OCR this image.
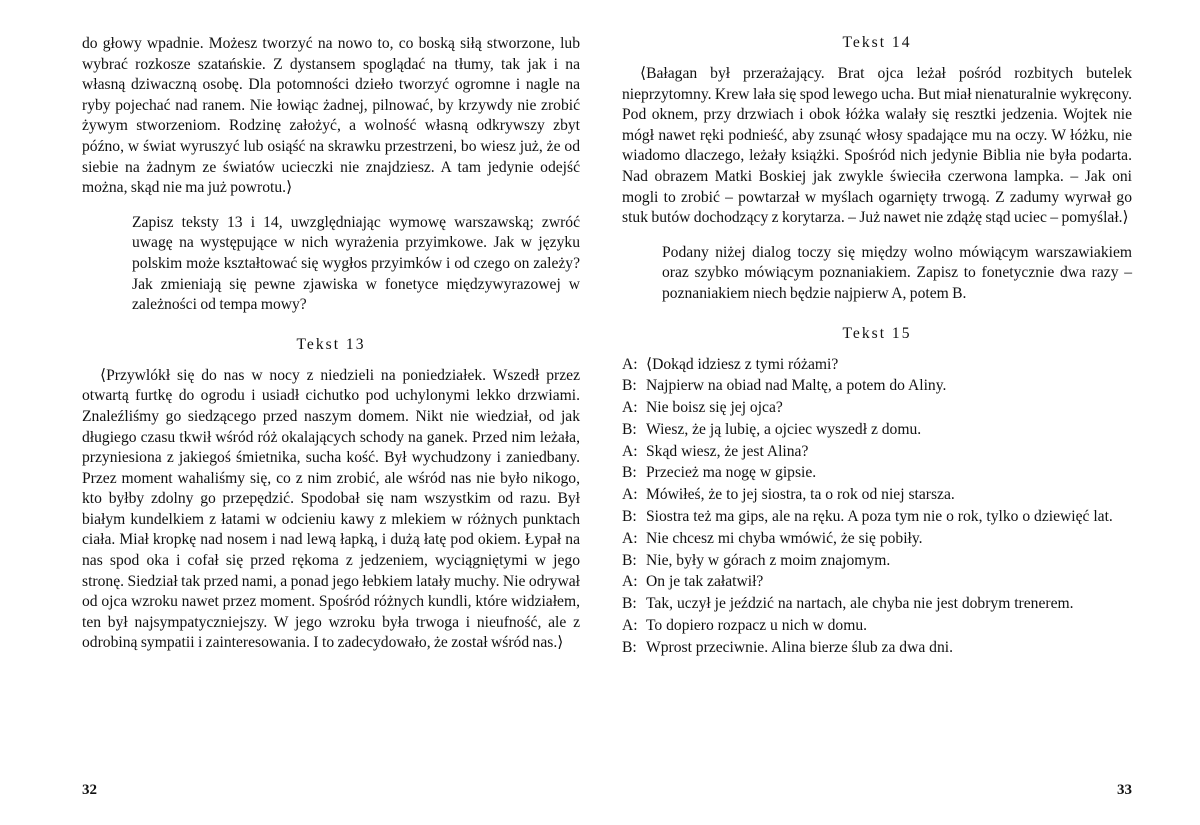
do głowy wpadnie. Możesz tworzyć na nowo to, co boską siłą stworzone, lub wybrać rozkosze szatańskie. Z dystansem spoglądać na tłumy, tak jak i na własną dziwaczną osobę. Dla potomności dzieło tworzyć ogromne i nagle na ryby pojechać nad ranem. Nie łowiąc żadnej, pilnować, by krzywdy nie zrobić żywym stworzeniom. Rodzinę założyć, a wolność własną odkrywszy zbyt późno, w świat wyruszyć lub osiąść na skrawku przestrzeni, bo wiesz już, że od siebie na żadnym ze światów ucieczki nie znajdziesz. A tam jedynie odejść można, skąd nie ma już powrotu.⟩

Zapisz teksty 13 i 14, uwzględniając wymowę warszawską; zwróć uwagę na występujące w nich wyrażenia przyimkowe. Jak w języku polskim może kształtować się wygłos przyimków i od czego on zależy? Jak zmieniają się pewne zjawiska w fonetyce międzywyrazowej w zależności od tempa mowy?

Tekst 13

⟨Przywlókł się do nas w nocy z niedzieli na poniedziałek. Wszedł przez otwartą furtkę do ogrodu i usiadł cichutko pod uchylonymi lekko drzwiami. Znaleźliśmy go siedzącego przed naszym domem. Nikt nie wiedział, od jak długiego czasu tkwił wśród róż okalających schody na ganek. Przed nim leżała, przyniesiona z jakiegoś śmietnika, sucha kość. Był wychudzony i zaniedbany. Przez moment wahaliśmy się, co z nim zrobić, ale wśród nas nie było nikogo, kto byłby zdolny go przepędzić. Spodobał się nam wszystkim od razu. Był białym kundelkiem z łatami w odcieniu kawy z mlekiem w różnych punktach ciała. Miał kropkę nad nosem i nad lewą łapką, i dużą łatę pod okiem. Łypał na nas spod oka i cofał się przed rękoma z jedzeniem, wyciągniętymi w jego stronę. Siedział tak przed nami, a ponad jego łebkiem latały muchy. Nie odrywał od ojca wzroku nawet przez moment. Spośród różnych kundli, które widziałem, ten był najsympatyczniejszy. W jego wzroku była trwoga i nieufność, ale z odrobiną sympatii i zainteresowania. I to zadecydowało, że został wśród nas.⟩

32
Tekst 14

⟨Bałagan był przerażający. Brat ojca leżał pośród rozbitych butelek nieprzytomny. Krew lała się spod lewego ucha. But miał nienaturalnie wykręcony. Pod oknem, przy drzwiach i obok łóżka walały się resztki jedzenia. Wojtek nie mógł nawet ręki podnieść, aby zsunąć włosy spadające mu na oczy. W łóżku, nie wiadomo dlaczego, leżały książki. Spośród nich jedynie Biblia nie była podarta. Nad obrazem Matki Boskiej jak zwykle świeciła czerwona lampka. – Jak oni mogli to zrobić – powtarzał w myślach ogarnięty trwogą. Z zadumy wyrwał go stuk butów dochodzący z korytarza. – Już nawet nie zdążę stąd uciec – pomyślał.⟩

Podany niżej dialog toczy się między wolno mówiącym warszawiakiem oraz szybko mówiącym poznaniakiem. Zapisz to fonetycznie dwa razy – poznaniakiem niech będzie najpierw A, potem B.

Tekst 15
A: ⟨Dokąd idziesz z tymi różami?
B: Najpierw na obiad nad Maltę, a potem do Aliny.
A: Nie boisz się jej ojca?
B: Wiesz, że ją lubię, a ojciec wyszedł z domu.
A: Skąd wiesz, że jest Alina?
B: Przecież ma nogę w gipsie.
A: Mówiłeś, że to jej siostra, ta o rok od niej starsza.
B: Siostra też ma gips, ale na ręku. A poza tym nie o rok, tylko o dziewięć lat.
A: Nie chcesz mi chyba wmówić, że się pobiły.
B: Nie, były w górach z moim znajomym.
A: On je tak załatwił?
B: Tak, uczył je jeździć na nartach, ale chyba nie jest dobrym trenerem.
A: To dopiero rozpacz u nich w domu.
B: Wprost przeciwnie. Alina bierze ślub za dwa dni.
33
